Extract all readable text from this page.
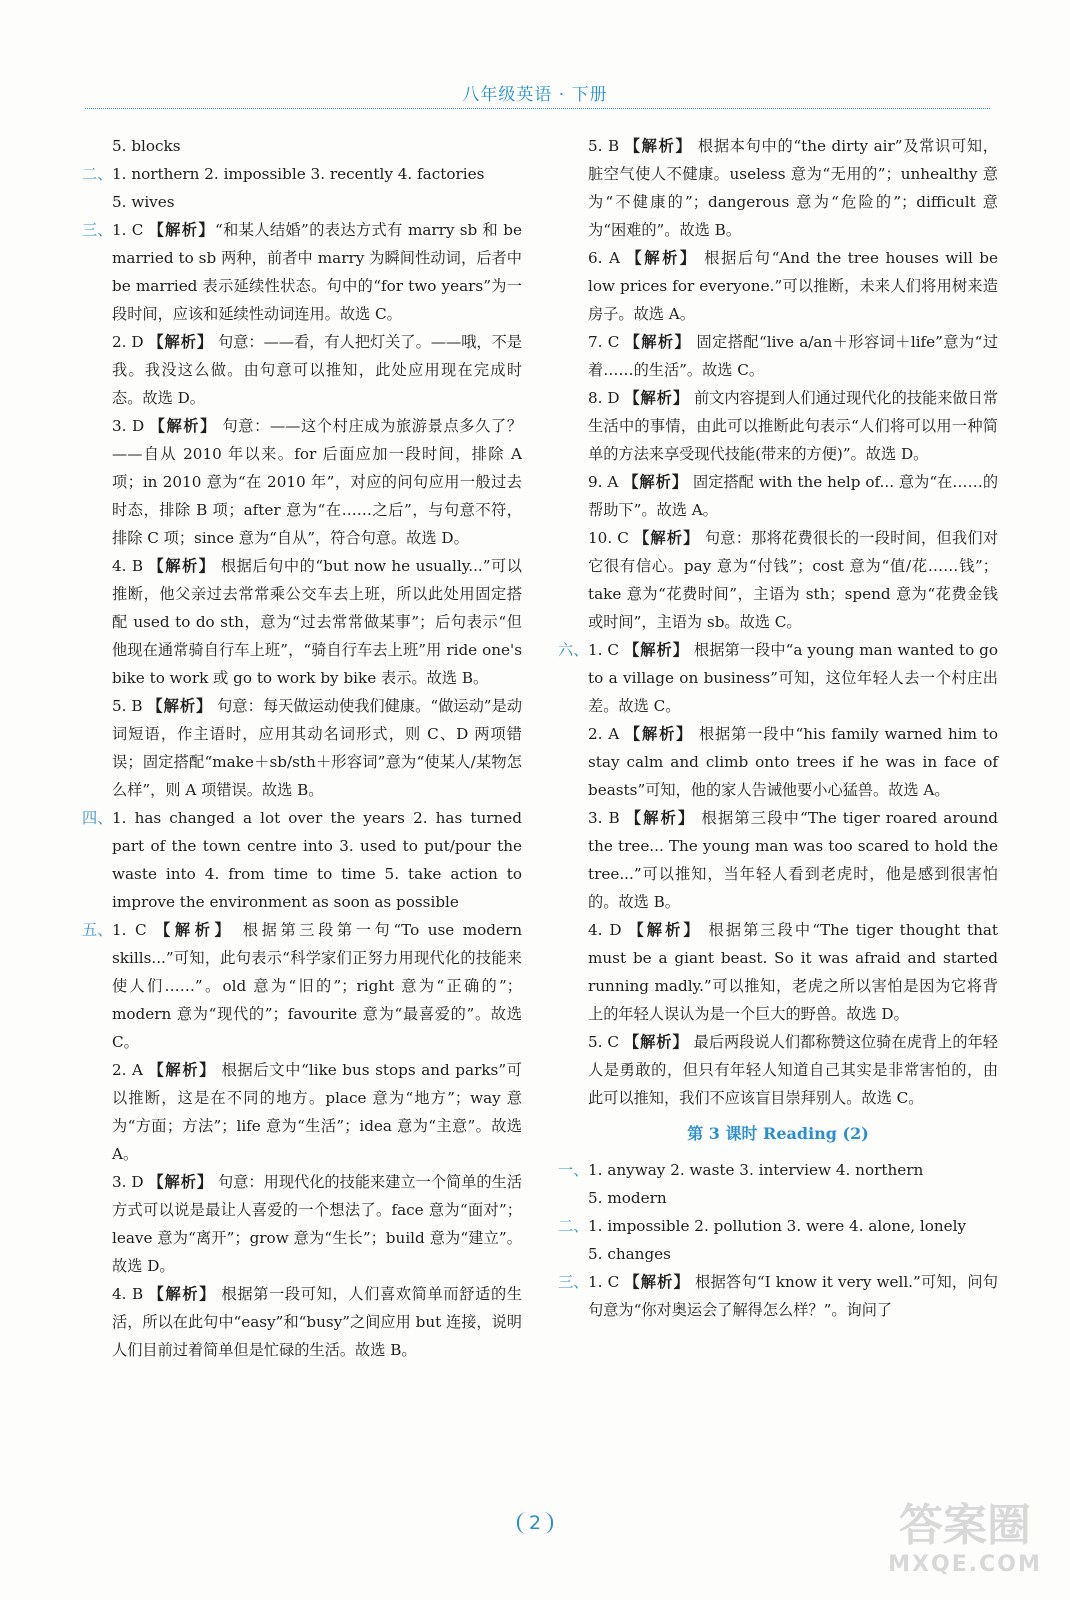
八年级英语 · 下册
5. blocks
二、 1. northern 2. impossible 3. recently 4. factories
5. wives
三、 1. C 【解析】“和某人结婚”的表达方式有 marry sb 和 be married to sb 两种，前者中 marry 为瞬间性动词，后者中 be married 表示延续性状态。句中的“for two years”为一段时间，应该和延续性动词连用。故选 C。
2. D 【解析】 句意：——看，有人把灯关了。——哦，不是我。我没这么做。由句意可以推知，此处应用现在完成时态。故选 D。
3. D 【解析】 句意：——这个村庄成为旅游景点多久了？——自从 2010 年以来。for 后面应加一段时间，排除 A 项；in 2010 意为“在 2010 年”，对应的问句应用一般过去时态，排除 B 项；after 意为“在……之后”，与句意不符，排除 C 项；since 意为“自从”，符合句意。故选 D。
4. B 【解析】 根据后句中的“but now he usually...”可以推断，他父亲过去常常乘公交车去上班，所以此处用固定搭配 used to do sth，意为“过去常常做某事”；后句表示“但他现在通常骑自行车上班”，“骑自行车去上班”用 ride one's bike to work 或 go to work by bike 表示。故选 B。
5. B 【解析】 句意：每天做运动使我们健康。“做运动”是动词短语，作主语时，应用其动名词形式，则 C、D 两项错误；固定搭配“make＋sb/sth＋形容词”意为“使某人/某物怎么样”，则 A 项错误。故选 B。
四、 1. has changed a lot over the years 2. has turned part of the town centre into 3. used to put/pour the waste into 4. from time to time 5. take action to improve the environment as soon as possible
五、 1. C 【解析】 根据第三段第一句“To use modern skills...”可知，此句表示“科学家们正努力用现代化的技能来使人们……”。old 意为“旧的”；right 意为“正确的”；modern 意为“现代的”；favourite 意为“最喜爱的”。故选 C。
2. A 【解析】 根据后文中“like bus stops and parks”可以推断，这是在不同的地方。place 意为“地方”；way 意为“方面；方法”；life 意为“生活”；idea 意为“主意”。故选 A。
3. D 【解析】 句意：用现代化的技能来建立一个简单的生活方式可以说是最让人喜爱的一个想法了。face 意为“面对”；leave 意为“离开”；grow 意为“生长”；build 意为“建立”。故选 D。
4. B 【解析】 根据第一段可知，人们喜欢简单而舒适的生活，所以在此句中“easy”和“busy”之间应用 but 连接，说明人们目前过着简单但是忙碌的生活。故选 B。
5. B 【解析】 根据本句中的“the dirty air”及常识可知，脏空气使人不健康。useless 意为“无用的”；unhealthy 意为“不健康的”；dangerous 意为“危险的”；difficult 意为“困难的”。故选 B。
6. A 【解析】 根据后句“And the tree houses will be low prices for everyone.”可以推断，未来人们将用树来造房子。故选 A。
7. C 【解析】 固定搭配“live a/an＋形容词＋life”意为“过着……的生活”。故选 C。
8. D 【解析】 前文内容提到人们通过现代化的技能来做日常生活中的事情，由此可以推断此句表示“人们将可以用一种简单的方法来享受现代技能(带来的方便)”。故选 D。
9. A 【解析】 固定搭配 with the help of... 意为“在……的帮助下”。故选 A。
10. C 【解析】 句意：那将花费很长的一段时间，但我们对它很有信心。pay 意为“付钱”；cost 意为“值/花……钱”；take 意为“花费时间”，主语为 sth；spend 意为“花费金钱或时间”，主语为 sb。故选 C。
六、 1. C 【解析】 根据第一段中“a young man wanted to go to a village on business”可知，这位年轻人去一个村庄出差。故选 C。
2. A 【解析】 根据第一段中“his family warned him to stay calm and climb onto trees if he was in face of beasts”可知，他的家人告诫他要小心猛兽。故选 A。
3. B 【解析】 根据第三段中“The tiger roared around the tree... The young man was too scared to hold the tree...”可以推知，当年轻人看到老虎时，他是感到很害怕的。故选 B。
4. D 【解析】 根据第三段中“The tiger thought that must be a giant beast. So it was afraid and started running madly.”可以推知，老虎之所以害怕是因为它将背上的年轻人误认为是一个巨大的野兽。故选 D。
5. C 【解析】 最后两段说人们都称赞这位骑在虎背上的年轻人是勇敢的，但只有年轻人知道自己其实是非常害怕的，由此可以推知，我们不应该盲目崇拜别人。故选 C。
第 3 课时 Reading (2)
一、 1. anyway 2. waste 3. interview 4. northern
5. modern
二、 1. impossible 2. pollution 3. were 4. alone, lonely
5. changes
三、 1. C 【解析】 根据答句“I know it very well.”可知，问句句意为“你对奥运会了解得怎么样？”。询问了
2	答案圈
MXQE.COM
